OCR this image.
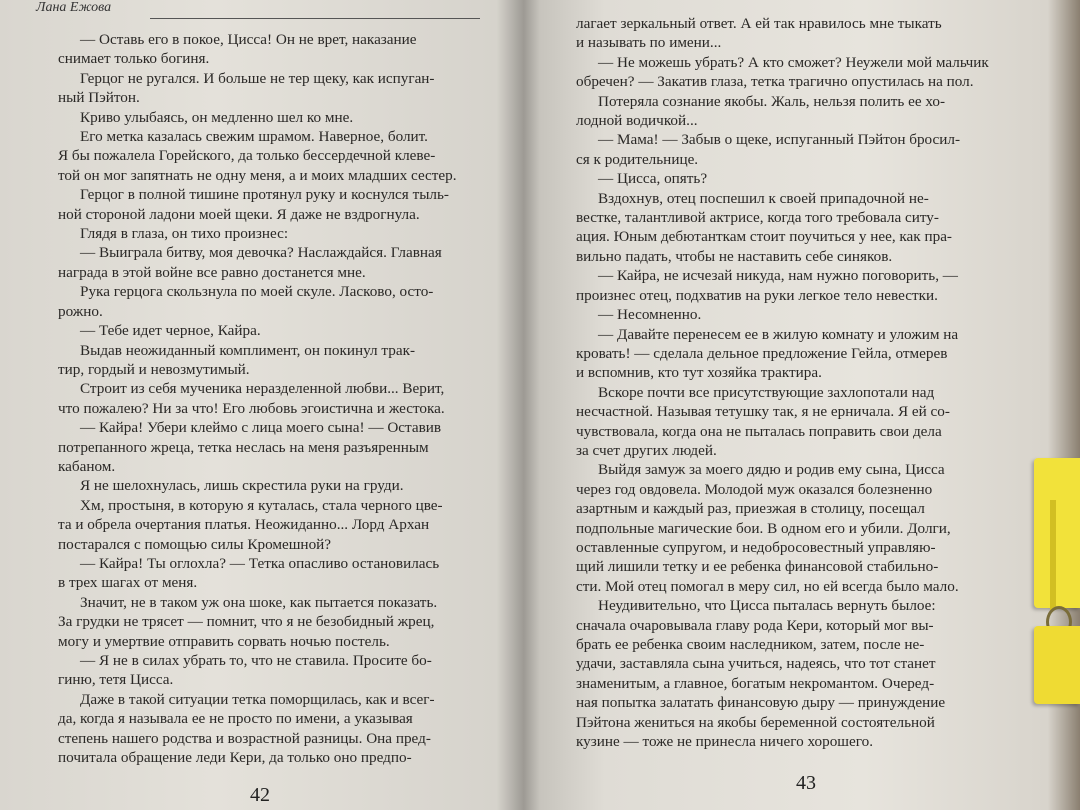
Лана Ежова
— Оставь его в покое, Цисса! Он не врет, наказание
снимает только богиня.
Герцог не ругался. И больше не тер щеку, как испуган-
ный Пэйтон.
Криво улыбаясь, он медленно шел ко мне.
Его метка казалась свежим шрамом. Наверное, болит.
Я бы пожалела Горейского, да только бессердечной клеве-
той он мог запятнать не одну меня, а и моих младших сестер.
Герцог в полной тишине протянул руку и коснулся тыль-
ной стороной ладони моей щеки. Я даже не вздрогнула.
Глядя в глаза, он тихо произнес:
— Выиграла битву, моя девочка? Наслаждайся. Главная
награда в этой войне все равно достанется мне.
Рука герцога скользнула по моей скуле. Ласково, осто-
рожно.
— Тебе идет черное, Кайра.
Выдав неожиданный комплимент, он покинул трак-
тир, гордый и невозмутимый.
Строит из себя мученика неразделенной любви... Верит,
что пожалею? Ни за что! Его любовь эгоистична и жестока.
— Кайра! Убери клеймо с лица моего сына! — Оставив
потрепанного жреца, тетка неслась на меня разъяренным
кабаном.
Я не шелохнулась, лишь скрестила руки на груди.
Хм, простыня, в которую я куталась, стала черного цве-
та и обрела очертания платья. Неожиданно... Лорд Архан
постарался с помощью силы Кромешной?
— Кайра! Ты оглохла? — Тетка опасливо остановилась
в трех шагах от меня.
Значит, не в таком уж она шоке, как пытается показать.
За грудки не трясет — помнит, что я не безобидный жрец,
могу и умертвие отправить сорвать ночью постель.
— Я не в силах убрать то, что не ставила. Просите бо-
гиню, тетя Цисса.
Даже в такой ситуации тетка поморщилась, как и всег-
да, когда я называла ее не просто по имени, а указывая
степень нашего родства и возрастной разницы. Она пред-
почитала обращение леди Кери, да только оно предпо-
42
лагает зеркальный ответ. А ей так нравилось мне тыкать
и называть по имени...
— Не можешь убрать? А кто сможет? Неужели мой мальчик
обречен? — Закатив глаза, тетка трагично опустилась на пол.
Потеряла сознание якобы. Жаль, нельзя полить ее хо-
лодной водичкой...
— Мама! — Забыв о щеке, испуганный Пэйтон бросил-
ся к родительнице.
— Цисса, опять?
Вздохнув, отец поспешил к своей припадочной не-
вестке, талантливой актрисе, когда того требовала ситу-
ация. Юным дебютанткам стоит поучиться у нее, как пра-
вильно падать, чтобы не наставить себе синяков.
— Кайра, не исчезай никуда, нам нужно поговорить, —
произнес отец, подхватив на руки легкое тело невестки.
— Несомненно.
— Давайте перенесем ее в жилую комнату и уложим на
кровать! — сделала дельное предложение Гейла, отмерев
и вспомнив, кто тут хозяйка трактира.
Вскоре почти все присутствующие захлопотали над
несчастной. Называя тетушку так, я не ерничала. Я ей со-
чувствовала, когда она не пыталась поправить свои дела
за счет других людей.
Выйдя замуж за моего дядю и родив ему сына, Цисса
через год овдовела. Молодой муж оказался болезненно
азартным и каждый раз, приезжая в столицу, посещал
подпольные магические бои. В одном его и убили. Долги,
оставленные супругом, и недобросовестный управляю-
щий лишили тетку и ее ребенка финансовой стабильно-
сти. Мой отец помогал в меру сил, но ей всегда было мало.
Неудивительно, что Цисса пыталась вернуть былое:
сначала очаровывала главу рода Кери, который мог вы-
брать ее ребенка своим наследником, затем, после не-
удачи, заставляла сына учиться, надеясь, что тот станет
знаменитым, а главное, богатым некромантом. Очеред-
ная попытка залатать финансовую дыру — принуждение
Пэйтона жениться на якобы беременной состоятельной
кузине — тоже не принесла ничего хорошего.
43
